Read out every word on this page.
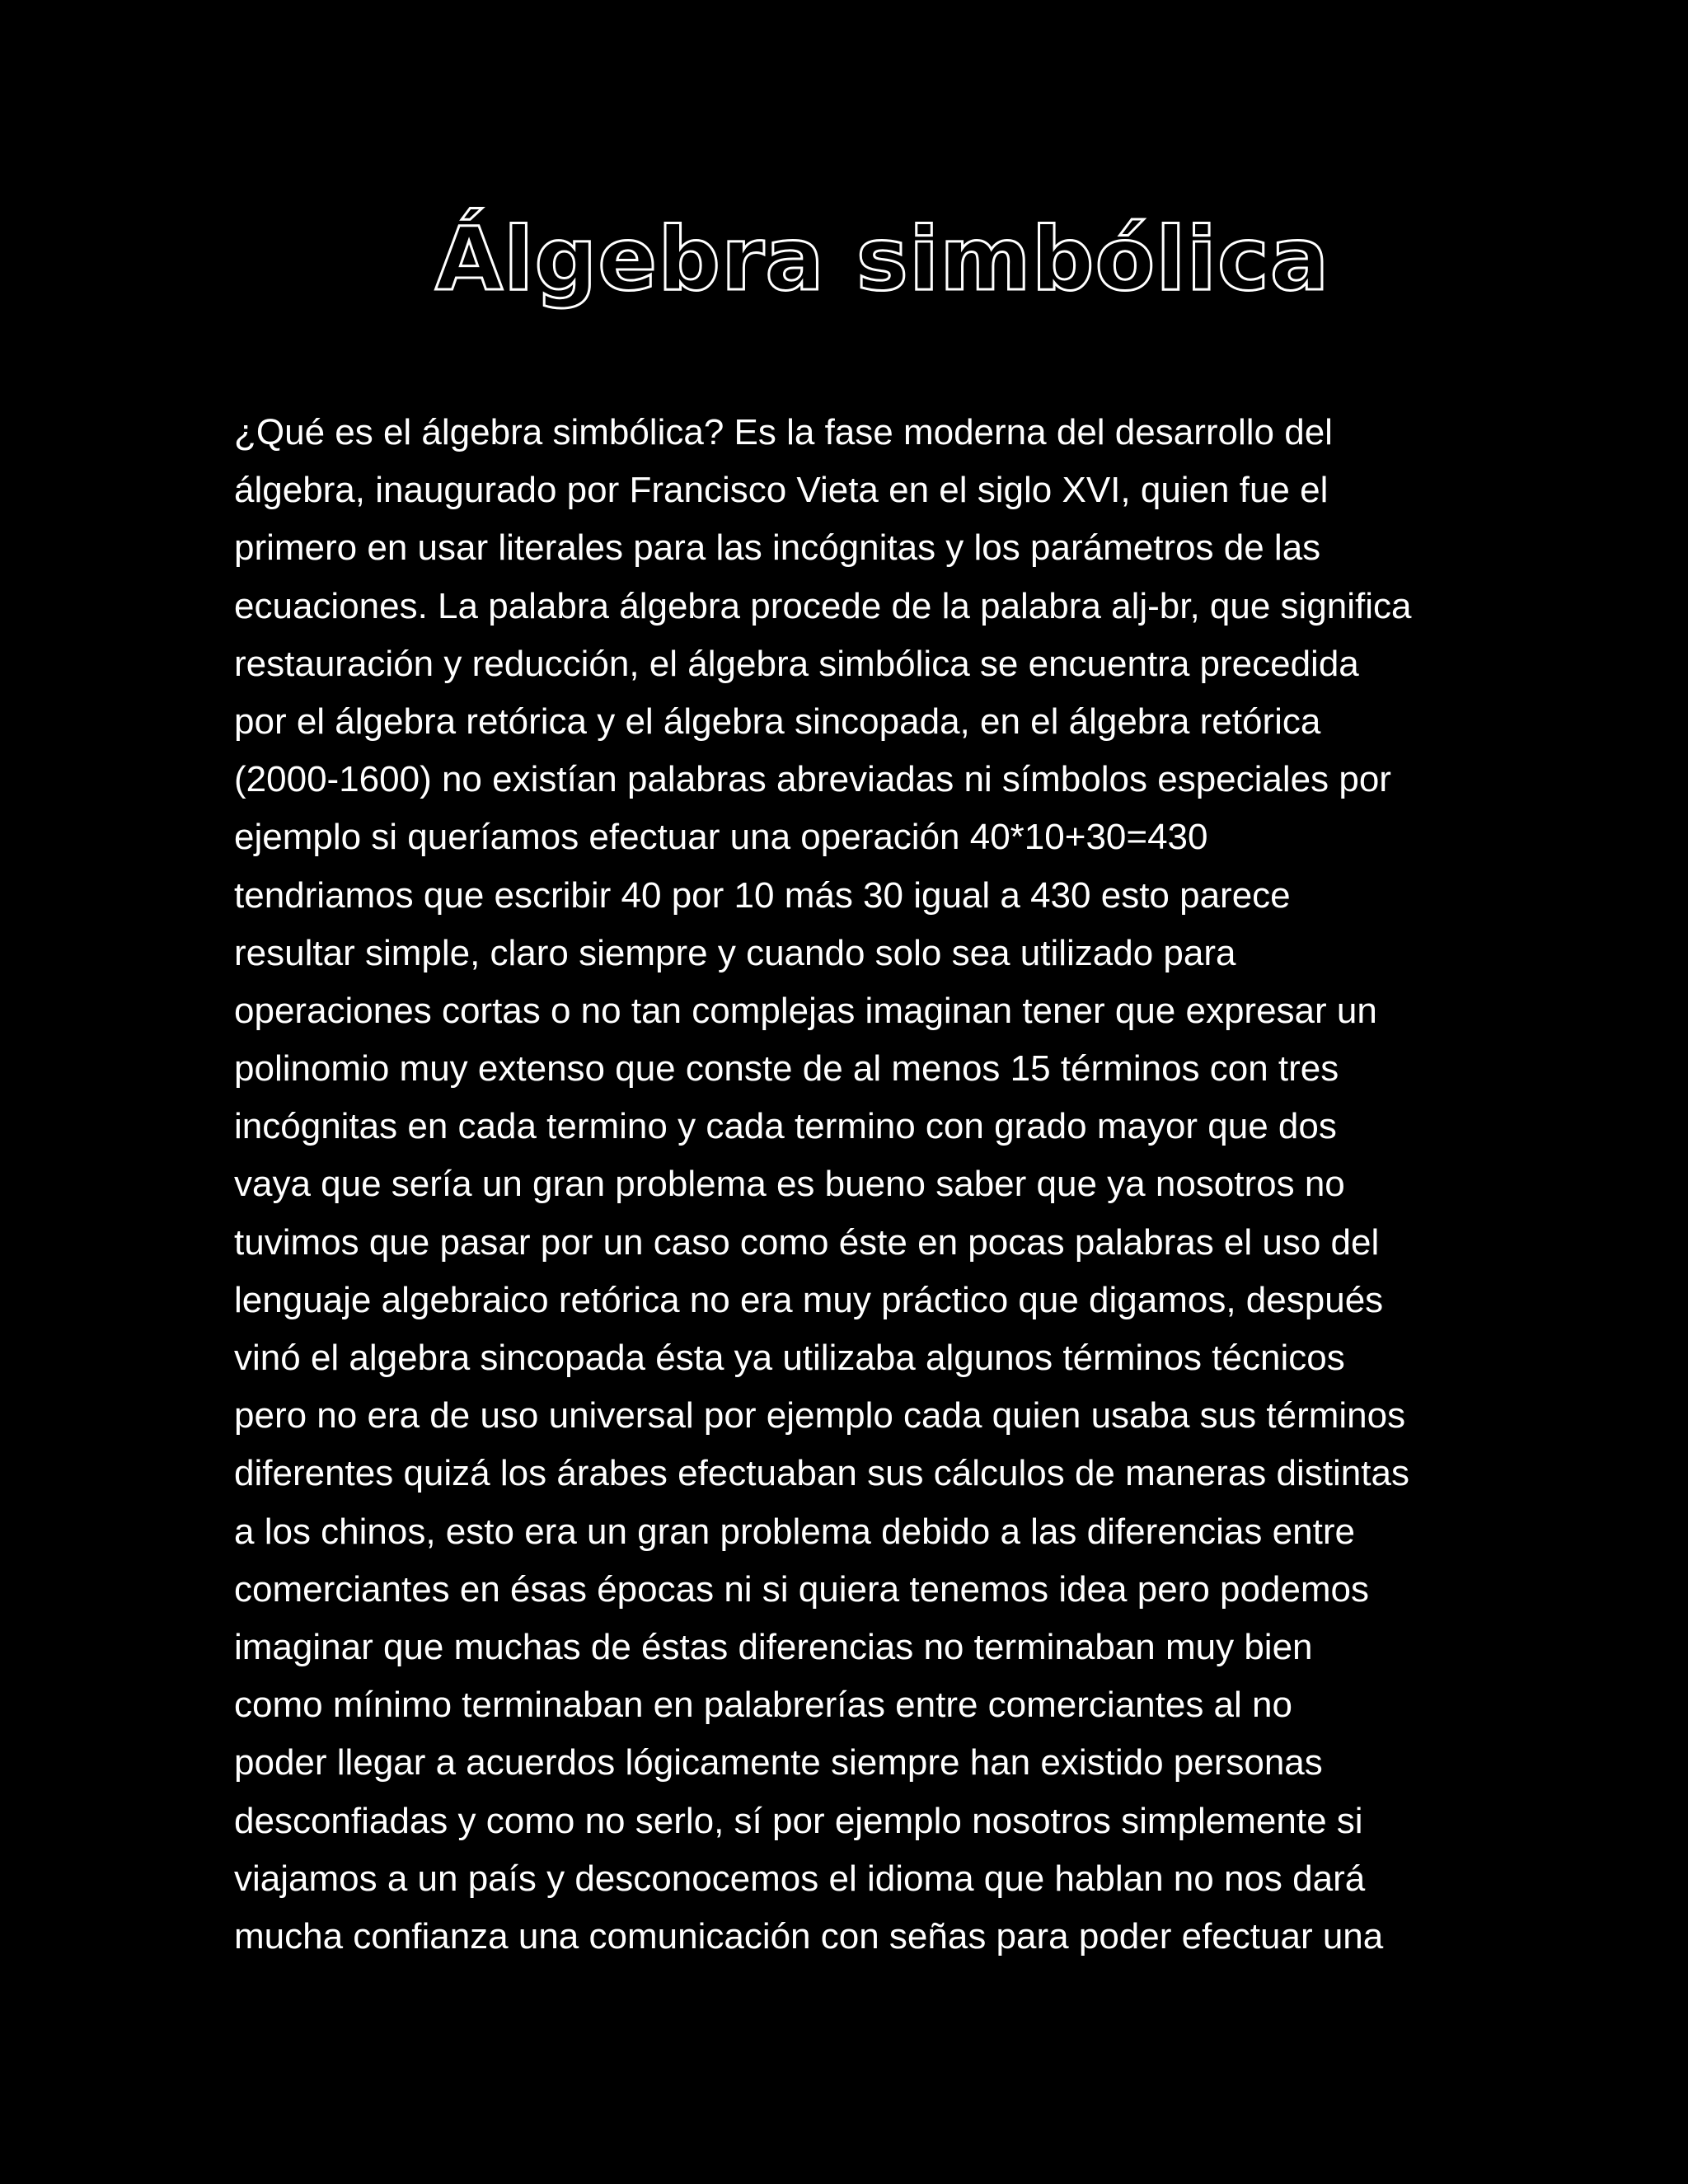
Álgebra simbólica
¿Qué es el álgebra simbólica? Es la fase moderna del desarrollo del
álgebra, inaugurado por Francisco Vieta en el siglo XVI, quien fue el
primero en usar literales para las incógnitas y los parámetros de las
ecuaciones. La palabra álgebra procede de la palabra alj-br, que significa
restauración y reducción, el álgebra simbólica se encuentra precedida
por el álgebra retórica y el álgebra sincopada, en el álgebra retórica
(2000-1600) no existían palabras abreviadas ni símbolos especiales por
ejemplo si queríamos efectuar una operación 40*10+30=430
tendriamos que escribir 40 por 10 más 30 igual a 430 esto parece
resultar simple, claro siempre y cuando solo sea utilizado para
operaciones cortas o no tan complejas imaginan tener que expresar un
polinomio muy extenso que conste de al menos 15 términos con tres
incógnitas en cada termino y cada termino con grado mayor que dos
vaya que sería un gran problema es bueno saber que ya nosotros no
tuvimos que pasar por un caso como éste en pocas palabras el uso del
lenguaje algebraico retórica no era muy práctico que digamos, después
vinó el algebra sincopada ésta ya utilizaba algunos términos técnicos
pero no era de uso universal por ejemplo cada quien usaba sus términos
diferentes quizá los árabes efectuaban sus cálculos de maneras distintas
a los chinos, esto era un gran problema debido a las diferencias entre
comerciantes en ésas épocas ni si quiera tenemos idea pero podemos
imaginar que muchas de éstas diferencias no terminaban muy bien
como mínimo terminaban en palabrerías entre comerciantes al no
poder llegar a acuerdos lógicamente siempre han existido personas
desconfiadas y como no serlo, sí por ejemplo nosotros simplemente si
viajamos a un país y desconocemos el idioma que hablan no nos dará
mucha confianza una comunicación con señas para poder efectuar una
